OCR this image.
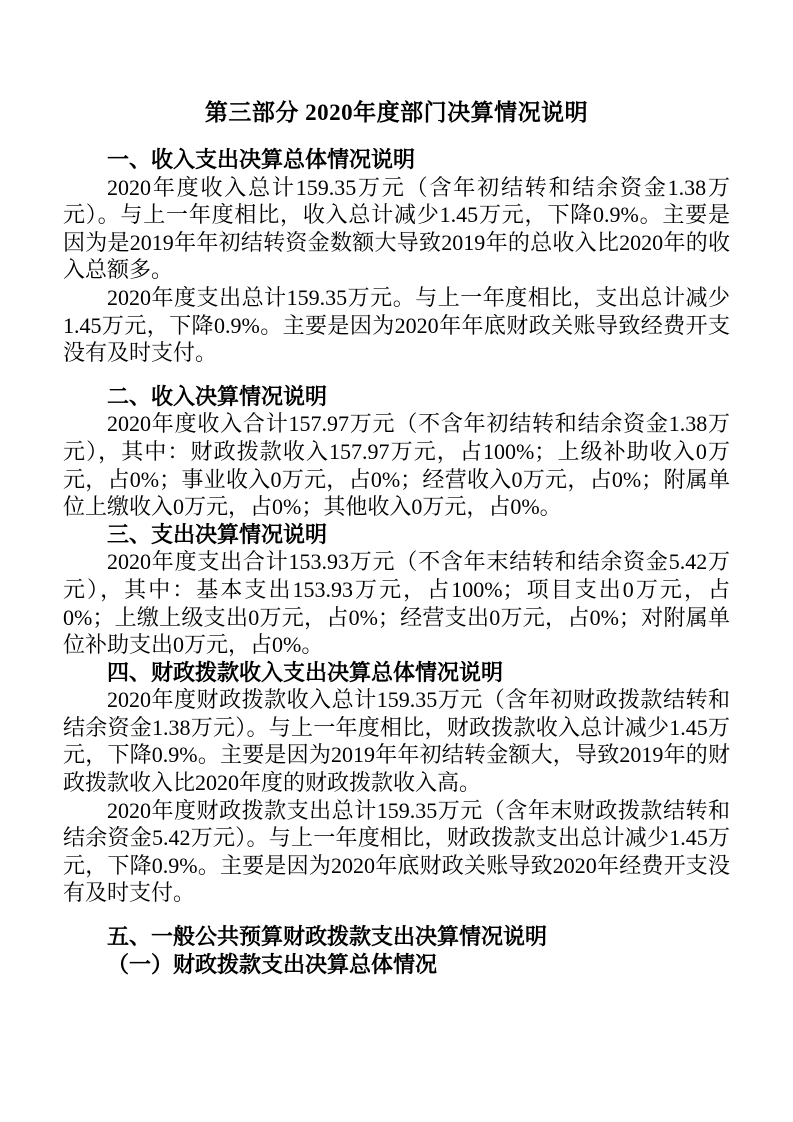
第三部分 2020年度部门决算情况说明
一、收入支出决算总体情况说明

2020年度收入总计159.35万元（含年初结转和结余资金1.38万元）。与上一年度相比，收入总计减少1.45万元，下降0.9%。主要是因为是2019年年初结转资金数额大导致2019年的总收入比2020年的收入总额多。

2020年度支出总计159.35万元。与上一年度相比，支出总计减少1.45万元，下降0.9%。主要是因为2020年年底财政关账导致经费开支没有及时支付。

二、收入决算情况说明

2020年度收入合计157.97万元（不含年初结转和结余资金1.38万元），其中：财政拨款收入157.97万元，占100%；上级补助收入0万元，占0%；事业收入0万元，占0%；经营收入0万元，占0%；附属单位上缴收入0万元，占0%；其他收入0万元，占0%。

三、支出决算情况说明

2020年度支出合计153.93万元（不含年末结转和结余资金5.42万元），其中：基本支出153.93万元，占100%；项目支出0万元，占0%；上缴上级支出0万元，占0%；经营支出0万元，占0%；对附属单位补助支出0万元，占0%。

四、财政拨款收入支出决算总体情况说明

2020年度财政拨款收入总计159.35万元（含年初财政拨款结转和结余资金1.38万元）。与上一年度相比，财政拨款收入总计减少1.45万元，下降0.9%。主要是因为2019年年初结转金额大，导致2019年的财政拨款收入比2020年度的财政拨款收入高。

2020年度财政拨款支出总计159.35万元（含年末财政拨款结转和结余资金5.42万元）。与上一年度相比，财政拨款支出总计减少1.45万元，下降0.9%。主要是因为2020年底财政关账导致2020年经费开支没有及时支付。

五、一般公共预算财政拨款支出决算情况说明
（一）财政拨款支出决算总体情况
